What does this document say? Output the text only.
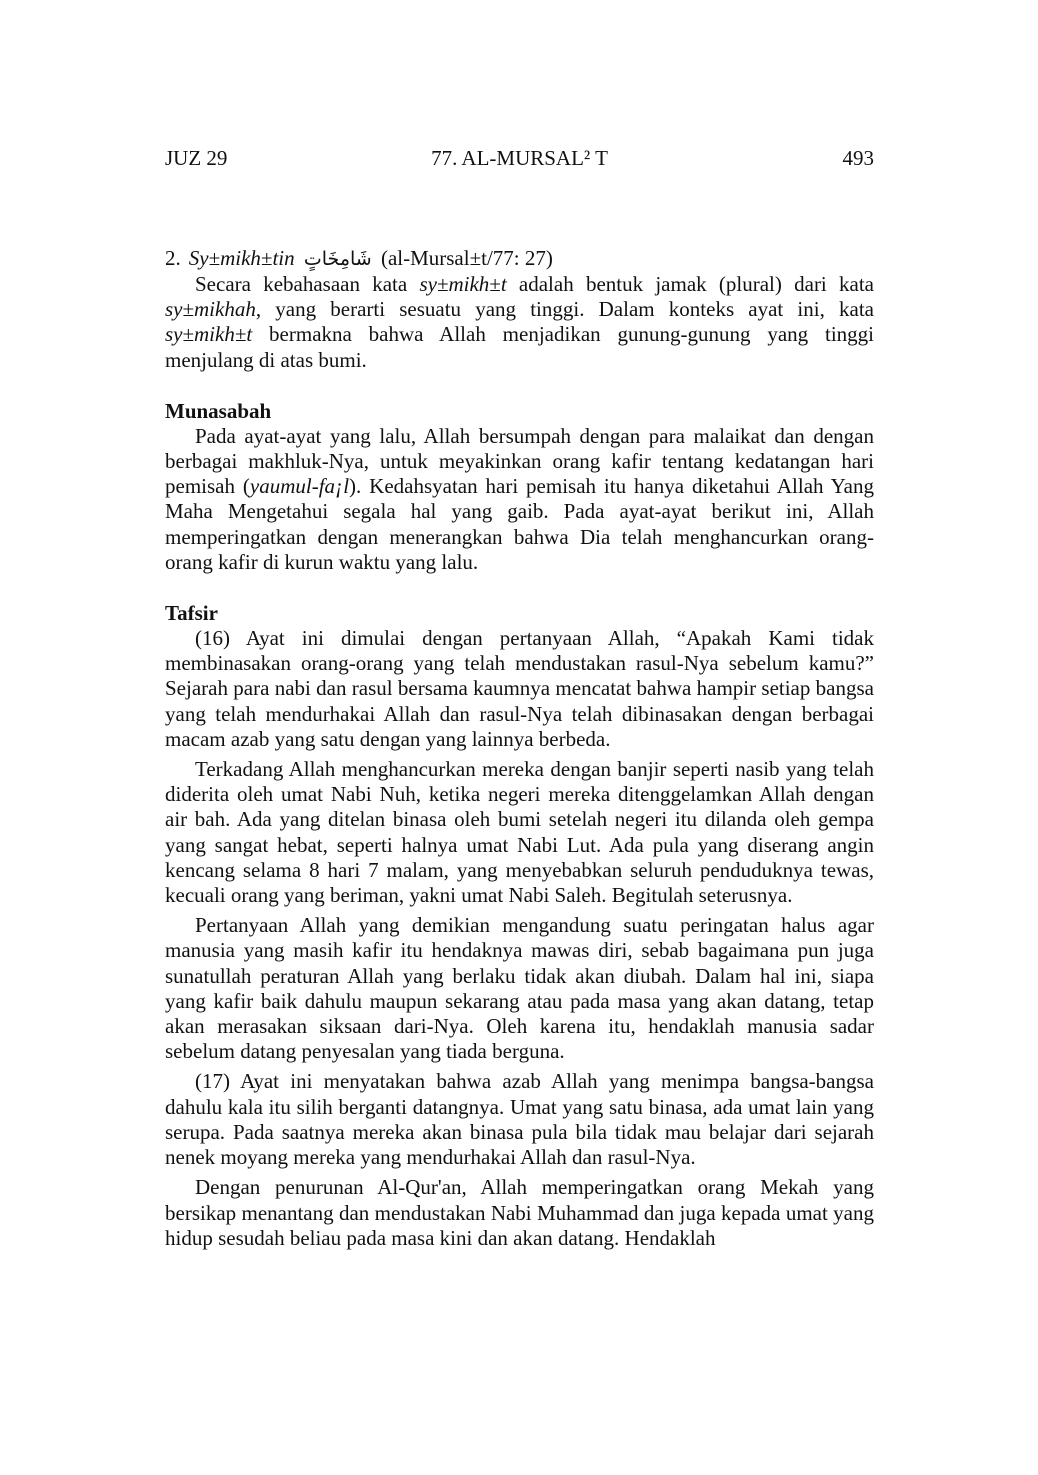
JUZ 29	77. AL-MURSAL² T	493
2. Sy±mikh±tin شَامِخَاتٍ (al-Mursal±t/77: 27)

Secara kebahasaan kata sy±mikh±t adalah bentuk jamak (plural) dari kata sy±mikhah, yang berarti sesuatu yang tinggi. Dalam konteks ayat ini, kata sy±mikh±t bermakna bahwa Allah menjadikan gunung-gunung yang tinggi menjulang di atas bumi.

Munasabah

Pada ayat-ayat yang lalu, Allah bersumpah dengan para malaikat dan dengan berbagai makhluk-Nya, untuk meyakinkan orang kafir tentang kedatangan hari pemisah (yaumul-fa¡l). Kedahsyatan hari pemisah itu hanya diketahui Allah Yang Maha Mengetahui segala hal yang gaib. Pada ayat-ayat berikut ini, Allah memperingatkan dengan menerangkan bahwa Dia telah menghancurkan orang-orang kafir di kurun waktu yang lalu.

Tafsir

(16) Ayat ini dimulai dengan pertanyaan Allah, “Apakah Kami tidak membinasakan orang-orang yang telah mendustakan rasul-Nya sebelum kamu?” Sejarah para nabi dan rasul bersama kaumnya mencatat bahwa hampir setiap bangsa yang telah mendurhakai Allah dan rasul-Nya telah dibinasakan dengan berbagai macam azab yang satu dengan yang lainnya berbeda.

Terkadang Allah menghancurkan mereka dengan banjir seperti nasib yang telah diderita oleh umat Nabi Nuh, ketika negeri mereka ditenggelamkan Allah dengan air bah. Ada yang ditelan binasa oleh bumi setelah negeri itu dilanda oleh gempa yang sangat hebat, seperti halnya umat Nabi Lut. Ada pula yang diserang angin kencang selama 8 hari 7 malam, yang menyebabkan seluruh penduduknya tewas, kecuali orang yang beriman, yakni umat Nabi Saleh. Begitulah seterusnya.

Pertanyaan Allah yang demikian mengandung suatu peringatan halus agar manusia yang masih kafir itu hendaknya mawas diri, sebab bagaimana pun juga sunatullah peraturan Allah yang berlaku tidak akan diubah. Dalam hal ini, siapa yang kafir baik dahulu maupun sekarang atau pada masa yang akan datang, tetap akan merasakan siksaan dari-Nya. Oleh karena itu, hendaklah manusia sadar sebelum datang penyesalan yang tiada berguna.

(17) Ayat ini menyatakan bahwa azab Allah yang menimpa bangsa-bangsa dahulu kala itu silih berganti datangnya. Umat yang satu binasa, ada umat lain yang serupa. Pada saatnya mereka akan binasa pula bila tidak mau belajar dari sejarah nenek moyang mereka yang mendurhakai Allah dan rasul-Nya.

Dengan penurunan Al-Qur'an, Allah memperingatkan orang Mekah yang bersikap menantang dan mendustakan Nabi Muhammad dan juga kepada umat yang hidup sesudah beliau pada masa kini dan akan datang. Hendaklah
